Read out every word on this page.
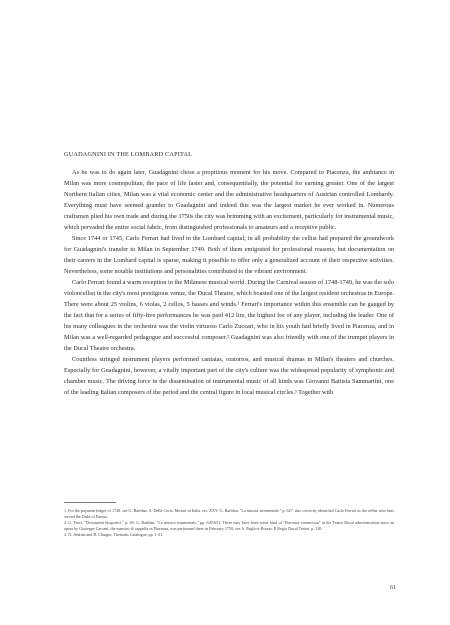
GUADAGNINI IN THE LOMBARD CAPITAL

As he was to do again later, Guadagnini chose a propitious moment for his move. Compared to Piacenza, the ambiance in Milan was more cosmopolitan, the pace of life faster and, consequentially, the potential for earning greater. One of the largest Northern Italian cities, Milan was a vital economic center and the administrative headquarters of Austrian controlled Lombardy. Everything must have seemed grander to Guadagnini and indeed this was the largest market he ever worked in. Numerous craftsmen plied his own trade and during the 1750s the city was brimming with an excitement, particularly for instrumental music, which pervaded the entire social fabric, from distinguished professionals to amateurs and a receptive public.

Since 1744 or 1745, Carlo Ferrari had lived in the Lombard capital; in all probability the cellist had prepared the groundwork for Guadagnini's transfer to Milan in September 1749. Both of them emigrated for professional reasons, but documentation on their careers in the Lombard capital is sparse, making it possible to offer only a generalized account of their respective activities. Nevertheless, some notable institutions and personalities contributed to the vibrant environment.

Carlo Ferrari found a warm reception in the Milanese musical world. During the Carnival season of 1748-1749, he was the solo violoncellist in the city's most prestigious venue, the Ducal Theatre, which boasted one of the largest resident orchestras in Europe. There were about 25 violins, 6 violas, 2 cellos, 5 basses and winds.¹ Ferrari's importance within this ensemble can be gauged by the fact that for a series of fifty-five performances he was paid 412 lire, the highest fee of any player, including the leader. One of his many colleagues in the orchestra was the violin virtuoso Carlo Zuccari, who in his youth had briefly lived in Piacenza, and in Milan was a well-regarded pedagogue and successful composer.² Guadagnini was also friendly with one of the trumpet players in the Ducal Theatre orchestra.

Countless stringed instrument players performed cantatas, oratorios, and musical dramas in Milan's theaters and churches. Especially for Guadagnini, however, a vitally important part of the city's culture was the widespread popularity of symphonic and chamber music. The driving force in the dissemination of instrumental music of all kinds was Giovanni Battista Sammartini, one of the leading Italian composers of the period and the central figure in local musical circles.³ Together with

1. For the payment ledger of 1748, see G. Barblan, A. Della Corte, Mozart in Italia, tav. XXV. G. Barblan, "La musica strumentale," p. 627, also correctly identified Carlo Ferrari as the cellist who later served the Duke of Parma.
2. G. Fiori, "Documenti biografici," p. 69. G. Barblan, "La musica strumentale," pp. 620-631. There may have been some kind of "Piacenza connection" in the Teatro Ducal administration since an opera by Giuseppe Carcani, the maestro di cappella in Piacenza, was performed there in February 1750; see A. Paglicci-Brozzi, Il Regio Ducal Teatro, p. 120.
3. N. Jenkins and B. Churgin, Thematic Catalogue, pp. 1-21.
61
